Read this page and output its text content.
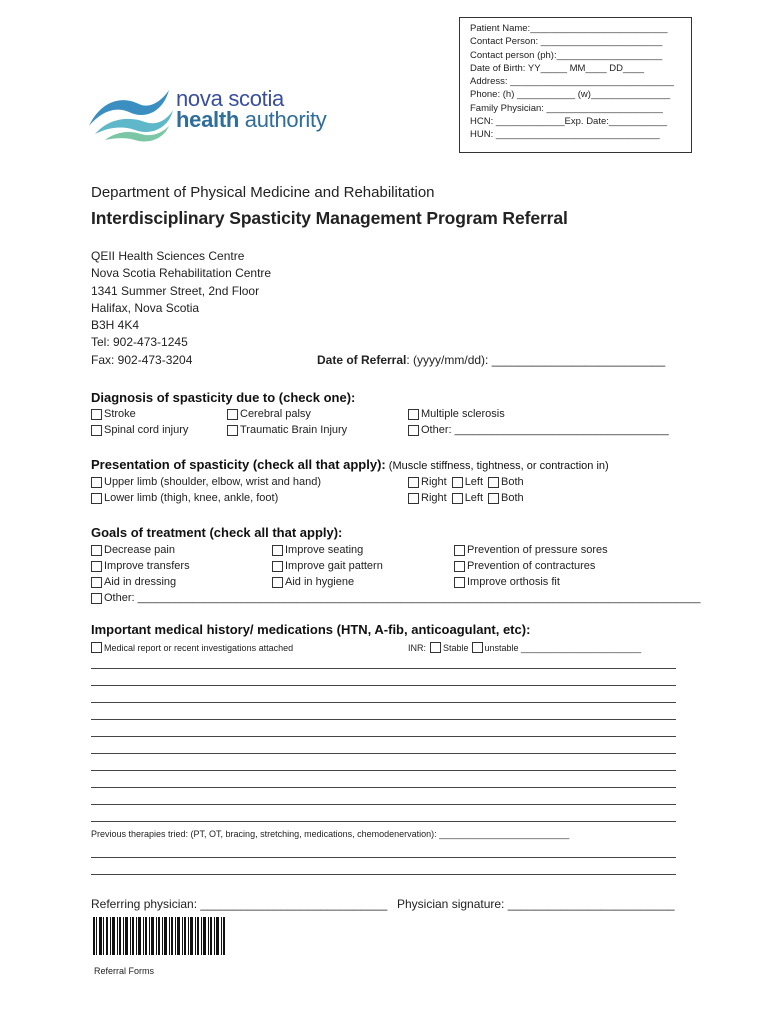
Patient Name:__________________________
Contact Person: _______________________
Contact person (ph):____________________
Date of Birth: YY_____ MM____ DD____
Address: _______________________________
Phone: (h) ___________ (w)_______________
Family Physician: ______________________
HCN: _____________Exp. Date:___________
HUN: _______________________________
nova scotia
health authority
Department of Physical Medicine and Rehabilitation
Interdisciplinary Spasticity Management Program Referral
QEII Health Sciences Centre
Nova Scotia Rehabilitation Centre
1341 Summer Street, 2nd Floor
Halifax, Nova Scotia
B3H 4K4
Tel: 902-473-1245
Fax: 902-473-3204	Date of Referral: (yyyy/mm/dd): __________________________
Diagnosis of spasticity due to (check one):
Stroke
Spinal cord injury
Cerebral palsy
Traumatic Brain Injury
Multiple sclerosis
Other: ___________________________________
Presentation of spasticity (check all that apply): (Muscle stiffness, tightness, or contraction in)
Upper limb (shoulder, elbow, wrist and hand)
Lower limb (thigh, knee, ankle, foot)
Right Left Both
Right Left Both
Goals of treatment (check all that apply):
Decrease pain
Improve transfers
Aid in dressing
Other: ____________________________________________________________________________________________
Improve seating
Improve gait pattern
Aid in hygiene
Prevention of pressure sores
Prevention of contractures
Improve orthosis fit
Important medical history/ medications (HTN, A-fib, anticoagulant, etc):
Medical report or recent investigations attached	INR: Stable unstable ________________________
Previous therapies tried: (PT, OT, bracing, stretching, medications, chemodenervation): __________________________
Referring physician: ____________________________ Physician signature: _________________________
Referral Forms
